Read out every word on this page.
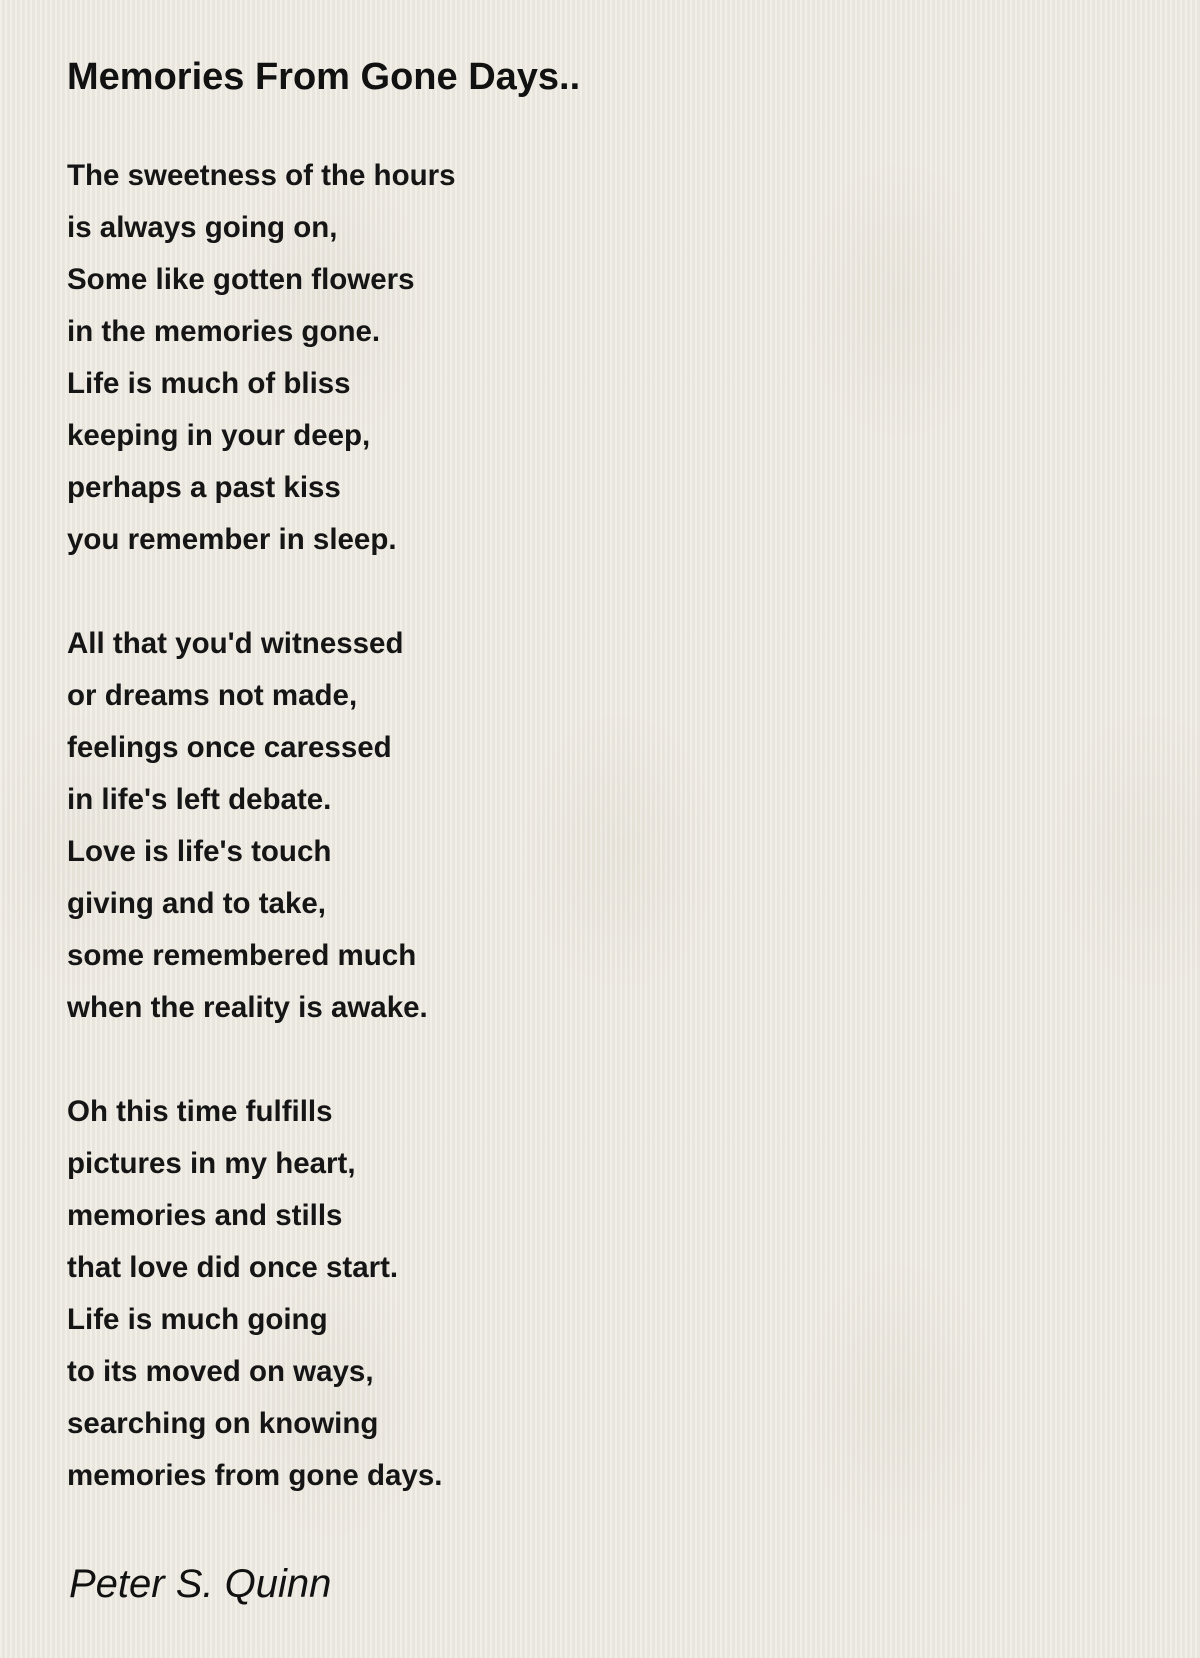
Memories From Gone Days..
The sweetness of the hours
is always going on,
Some like gotten flowers
in the memories gone.
Life is much of bliss
keeping in your deep,
perhaps a past kiss
you remember in sleep.
All that you'd witnessed
or dreams not made,
feelings once caressed
in life's left debate.
Love is life's touch
giving and to take,
some remembered much
when the reality is awake.
Oh this time fulfills
pictures in my heart,
memories and stills
that love did once start.
Life is much going
to its moved on ways,
searching on knowing
memories from gone days.
Peter S. Quinn
